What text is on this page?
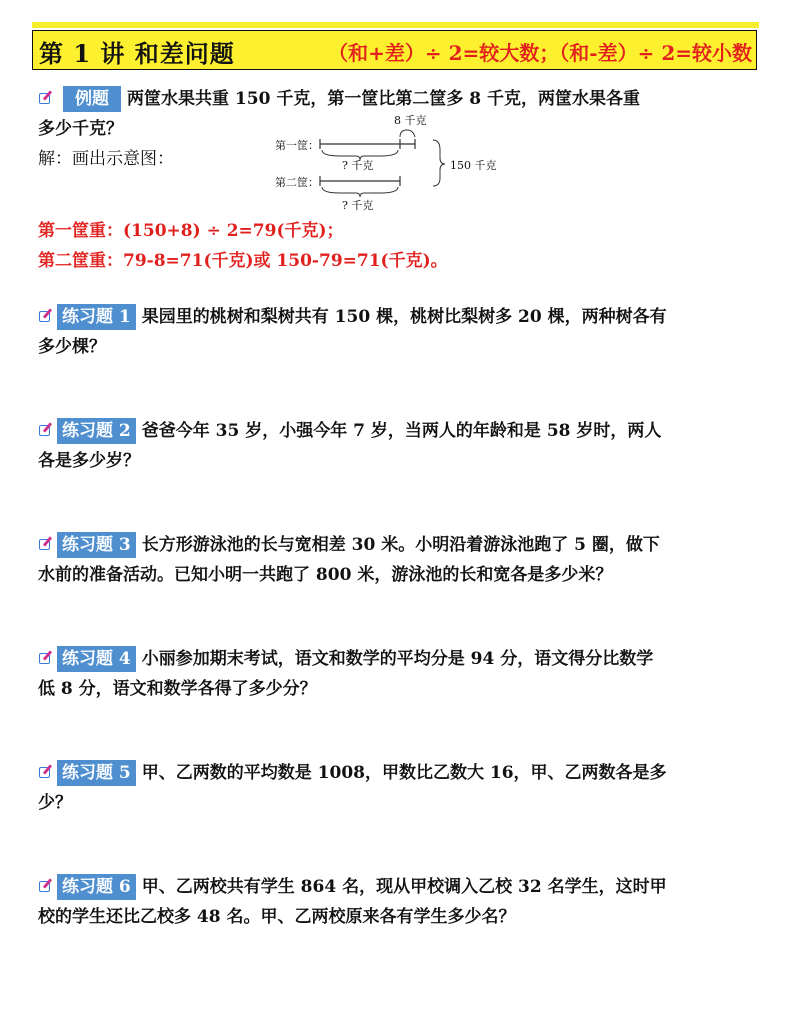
第 1 讲 和差问题	（和+差）÷ 2=较大数；（和-差）÷ 2=较小数
例题 两筐水果共重 150 千克，第一筐比第二筐多 8 千克，两筐水果各重
多少千克？
解：画出示意图：
8 千克
第一筐：
? 千克
第二筐：
? 千克
150 千克
第一筐重：(150+8) ÷ 2=79(千克)；
第二筐重：79-8=71(千克)或 150-79=71(千克)。
练习题 1 果园里的桃树和梨树共有 150 棵，桃树比梨树多 20 棵，两种树各有
多少棵？
练习题 2 爸爸今年 35 岁，小强今年 7 岁，当两人的年龄和是 58 岁时，两人
各是多少岁？
练习题 3 长方形游泳池的长与宽相差 30 米。小明沿着游泳池跑了 5 圈，做下
水前的准备活动。已知小明一共跑了 800 米，游泳池的长和宽各是多少米？
练习题 4 小丽参加期末考试，语文和数学的平均分是 94 分，语文得分比数学
低 8 分，语文和数学各得了多少分？
练习题 5 甲、乙两数的平均数是 1008，甲数比乙数大 16，甲、乙两数各是多
少？
练习题 6 甲、乙两校共有学生 864 名，现从甲校调入乙校 32 名学生，这时甲
校的学生还比乙校多 48 名。甲、乙两校原来各有学生多少名？
